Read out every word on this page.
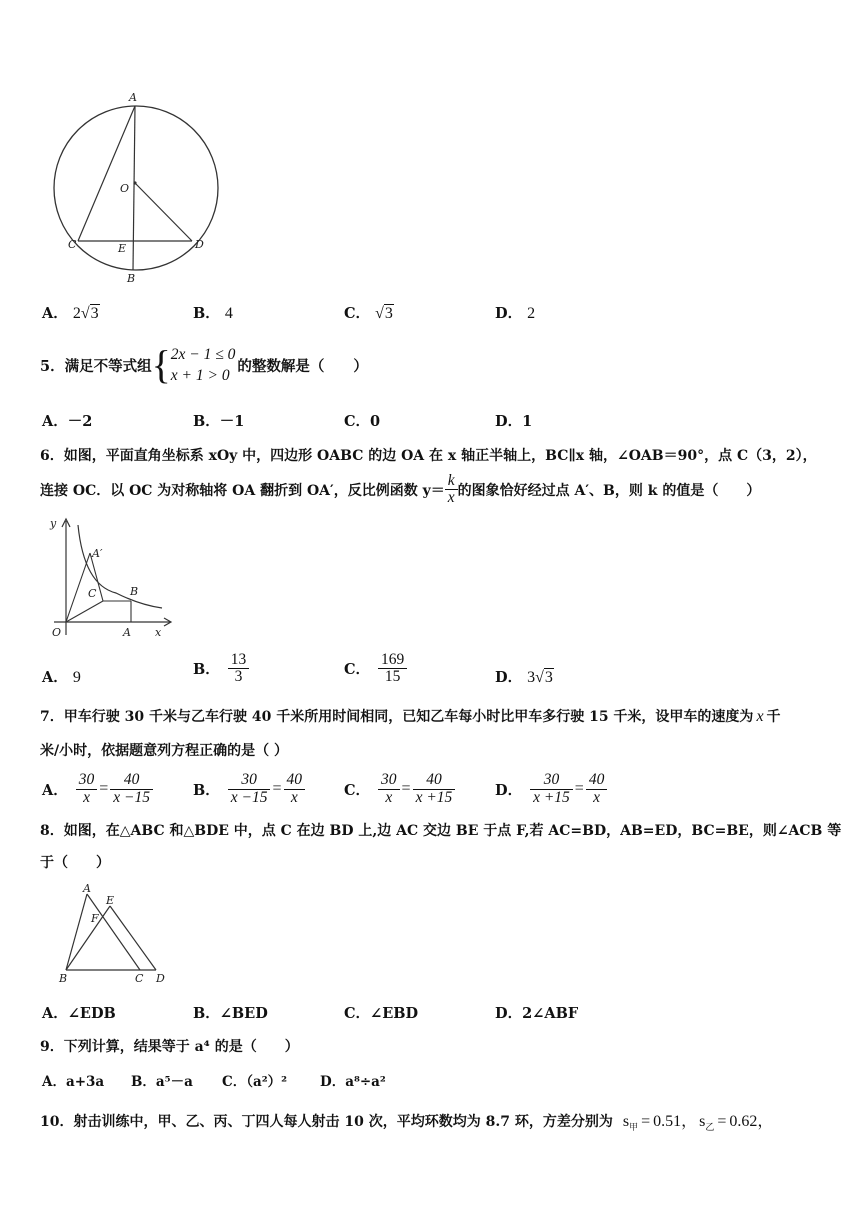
A
O
C	E	D
B
A． 2√3	B． 4	C． √3	D． 2
5．满足不等式组 { 2x − 1 ≤ 0
x + 1 > 0
的整数解是（　　）
A．－2	B．－1	C．0	D．1
6．如图，平面直角坐标系 xOy 中，四边形 OABC 的边 OA 在 x 轴正半轴上，BC∥x 轴，∠OAB＝90°，点 C（3，2），
连接 OC．以 OC 为对称轴将 OA 翻折到 OA′，反比例函数 $y= \frac{k}{x}$ 的图象恰好经过点 A′、B，则 k 的值是（　　）
y
A′
C	B
O	A x
A． 9	B． $\frac{13}{3}$	C． $\frac{169}{15}$	D． 3√3
7．甲车行驶 30 千米与乙车行驶 40 千米所用时间相同，已知乙车每小时比甲车多行驶 15 千米，设甲车的速度为 x 千
米/小时，依据题意列方程正确的是（ ）
A． $\frac{30}{x} = \frac{40}{x -15}$	B． $\frac{30}{x -15} = \frac{40}{x}$	C． $\frac{30}{x} = \frac{40}{x +15}$	D． $\frac{30}{x +15} = \frac{40}{x}$
8．如图，在△ABC 和△BDE 中，点 C 在边 BD 上,边 AC 交边 BE 于点 F,若 AC=BD，AB=ED，BC=BE，则∠ACB 等
于（　　）
A
E
F
B	C D
A．∠EDB	B．∠BED	C．∠EBD	D．2∠ABF
9．下列计算，结果等于 a⁴ 的是（　　）
A．a+3a B．a⁵－a C．（a²）² D．a⁸÷a²
10．射击训练中，甲、乙、丙、丁四人每人射击 10 次，平均环数均为 8.7 环，方差分别为 $s_甲 = 0.51$， $s_乙 = 0.62$，
